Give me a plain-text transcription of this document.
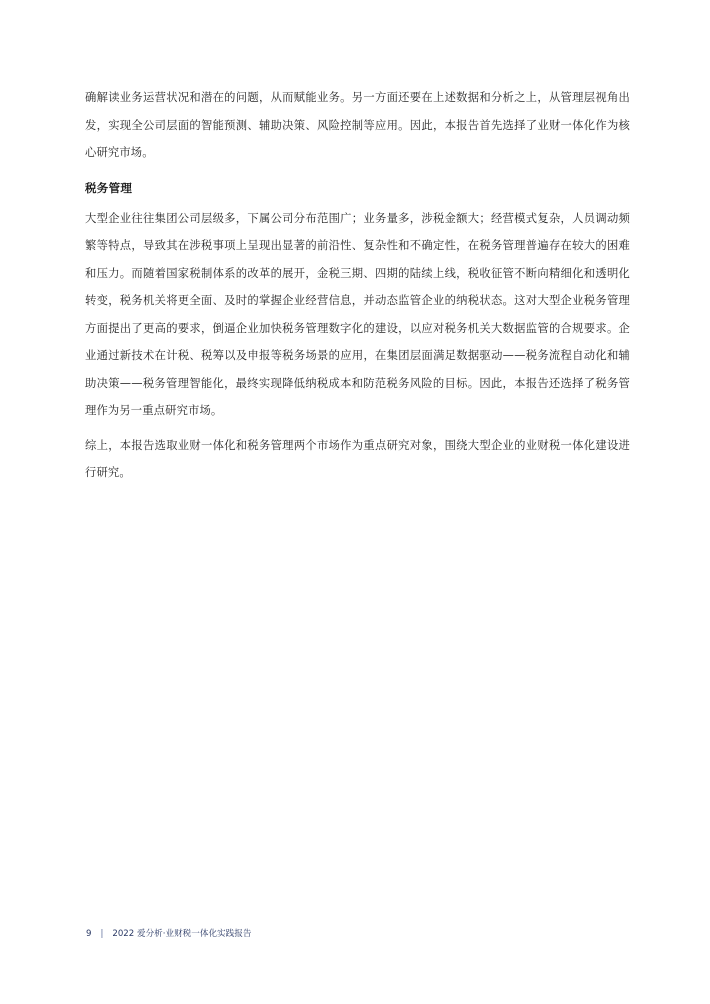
确解读业务运营状况和潜在的问题，从而赋能业务。另一方面还要在上述数据和分析之上，从管理层视角出发，实现全公司层面的智能预测、辅助决策、风险控制等应用。因此，本报告首先选择了业财一体化作为核心研究市场。

税务管理

大型企业往往集团公司层级多，下属公司分布范围广；业务量多，涉税金额大；经营模式复杂，人员调动频繁等特点，导致其在涉税事项上呈现出显著的前沿性、复杂性和不确定性，在税务管理普遍存在较大的困难和压力。而随着国家税制体系的改革的展开，金税三期、四期的陆续上线，税收征管不断向精细化和透明化转变，税务机关将更全面、及时的掌握企业经营信息，并动态监管企业的纳税状态。这对大型企业税务管理方面提出了更高的要求，倒逼企业加快税务管理数字化的建设，以应对税务机关大数据监管的合规要求。企业通过新技术在计税、税筹以及申报等税务场景的应用，在集团层面满足数据驱动——税务流程自动化和辅助决策——税务管理智能化，最终实现降低纳税成本和防范税务风险的目标。因此，本报告还选择了税务管理作为另一重点研究市场。

综上，本报告选取业财一体化和税务管理两个市场作为重点研究对象，围绕大型企业的业财税一体化建设进行研究。

9 | 2022 爱分析·业财税一体化实践报告
